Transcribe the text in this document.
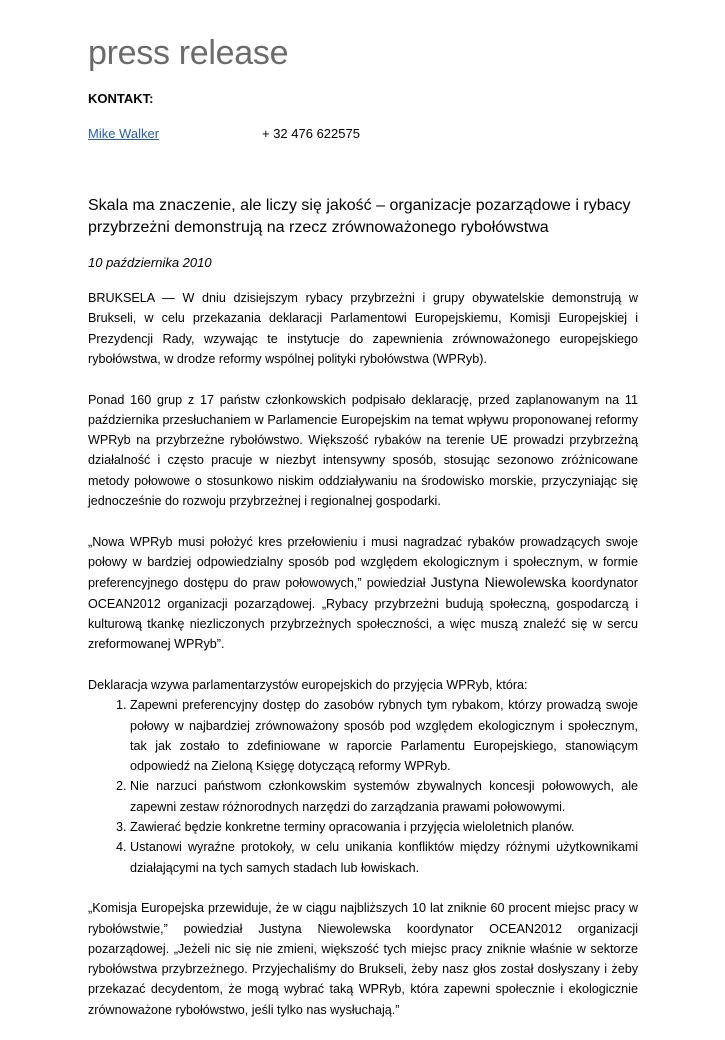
press release
KONTAKT:
Mike Walker	+ 32 476 622575
Skala ma znaczenie, ale liczy się jakość – organizacje pozarządowe i rybacy przybrzeżni demonstrują na rzecz zrównoważonego rybołówstwa
10 października 2010

BRUKSELA — W dniu dzisiejszym rybacy przybrzeżni i grupy obywatelskie demonstrują w Brukseli, w celu przekazania deklaracji Parlamentowi Europejskiemu, Komisji Europejskiej i Prezydencji Rady, wzywając te instytucje do zapewnienia zrównoważonego europejskiego rybołówstwa, w drodze reformy wspólnej polityki rybołówstwa (WPRyb).

Ponad 160 grup z 17 państw członkowskich podpisało deklarację, przed zaplanowanym na 11 października przesłuchaniem w Parlamencie Europejskim na temat wpływu proponowanej reformy WPRyb na przybrzeżne rybołówstwo. Większość rybaków na terenie UE prowadzi przybrzeżną działalność i często pracuje w niezbyt intensywny sposób, stosując sezonowo zróżnicowane metody połowowe o stosunkowo niskim oddziaływaniu na środowisko morskie, przyczyniając się jednocześnie do rozwoju przybrzeżnej i regionalnej gospodarki.

„Nowa WPRyb musi położyć kres przełowieniu i musi nagradzać rybaków prowadzących swoje połowy w bardziej odpowiedzialny sposób pod względem ekologicznym i społecznym, w formie preferencyjnego dostępu do praw połowowych,” powiedział Justyna Niewolewska koordynator OCEAN2012 organizacji pozarządowej. „Rybacy przybrzeżni budują społeczną, gospodarczą i kulturową tkankę niezliczonych przybrzeżnych społeczności, a więc muszą znaleźć się w sercu zreformowanej WPRyb”.

Deklaracja wzywa parlamentarzystów europejskich do przyjęcia WPRyb, która:

1. Zapewni preferencyjny dostęp do zasobów rybnych tym rybakom, którzy prowadzą swoje połowy w najbardziej zrównoważony sposób pod względem ekologicznym i społecznym, tak jak zostało to zdefiniowane w raporcie Parlamentu Europejskiego, stanowiącym odpowiedź na Zieloną Księgę dotyczącą reformy WPRyb.
2. Nie narzuci państwom członkowskim systemów zbywalnych koncesji połowowych, ale zapewni zestaw różnorodnych narzędzi do zarządzania prawami połowowymi.
3. Zawierać będzie konkretne terminy opracowania i przyjęcia wieloletnich planów.
4. Ustanowi wyraźne protokoły, w celu unikania konfliktów między różnymi użytkownikami działającymi na tych samych stadach lub łowiskach.

„Komisja Europejska przewiduje, że w ciągu najbliższych 10 lat zniknie 60 procent miejsc pracy w rybołówstwie,” powiedział Justyna Niewolewska koordynator OCEAN2012 organizacji pozarządowej. „Jeżeli nic się nie zmieni, większość tych miejsc pracy zniknie właśnie w sektorze rybołówstwa przybrzeżnego. Przyjechaliśmy do Brukseli, żeby nasz głos został dosłyszany i żeby przekazać decydentom, że mogą wybrać taką WPRyb, która zapewni społecznie i ekologicznie zrównoważone rybołówstwo, jeśli tylko nas wysłuchają.”
